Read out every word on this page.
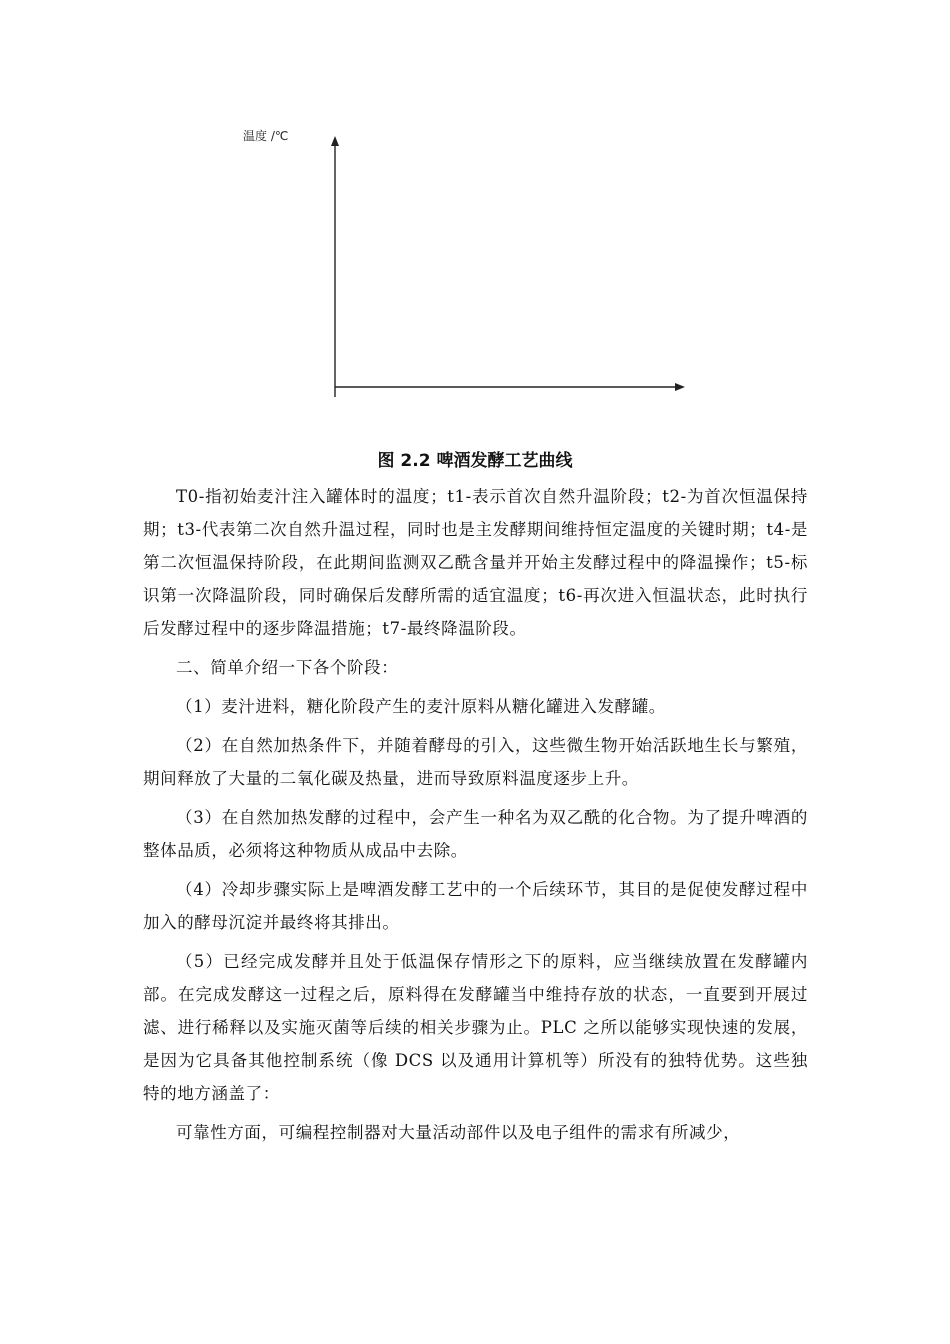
温度 /℃
图 2.2 啤酒发酵工艺曲线

T0-指初始麦汁注入罐体时的温度；t1-表示首次自然升温阶段；t2-为首次恒温保持期；t3-代表第二次自然升温过程，同时也是主发酵期间维持恒定温度的关键时期；t4-是第二次恒温保持阶段，在此期间监测双乙酰含量并开始主发酵过程中的降温操作；t5-标识第一次降温阶段，同时确保后发酵所需的适宜温度；t6-再次进入恒温状态，此时执行后发酵过程中的逐步降温措施；t7-最终降温阶段。

二、简单介绍一下各个阶段：

（1）麦汁进料，糖化阶段产生的麦汁原料从糖化罐进入发酵罐。

（2）在自然加热条件下，并随着酵母的引入，这些微生物开始活跃地生长与繁殖，期间释放了大量的二氧化碳及热量，进而导致原料温度逐步上升。

（3）在自然加热发酵的过程中，会产生一种名为双乙酰的化合物。为了提升啤酒的整体品质，必须将这种物质从成品中去除。

（4）冷却步骤实际上是啤酒发酵工艺中的一个后续环节，其目的是促使发酵过程中加入的酵母沉淀并最终将其排出。

（5）已经完成发酵并且处于低温保存情形之下的原料，应当继续放置在发酵罐内部。在完成发酵这一过程之后，原料得在发酵罐当中维持存放的状态，一直要到开展过滤、进行稀释以及实施灭菌等后续的相关步骤为止。PLC 之所以能够实现快速的发展，是因为它具备其他控制系统（像 DCS 以及通用计算机等）所没有的独特优势。这些独特的地方涵盖了：

可靠性方面，可编程控制器对大量活动部件以及电子组件的需求有所减少，
